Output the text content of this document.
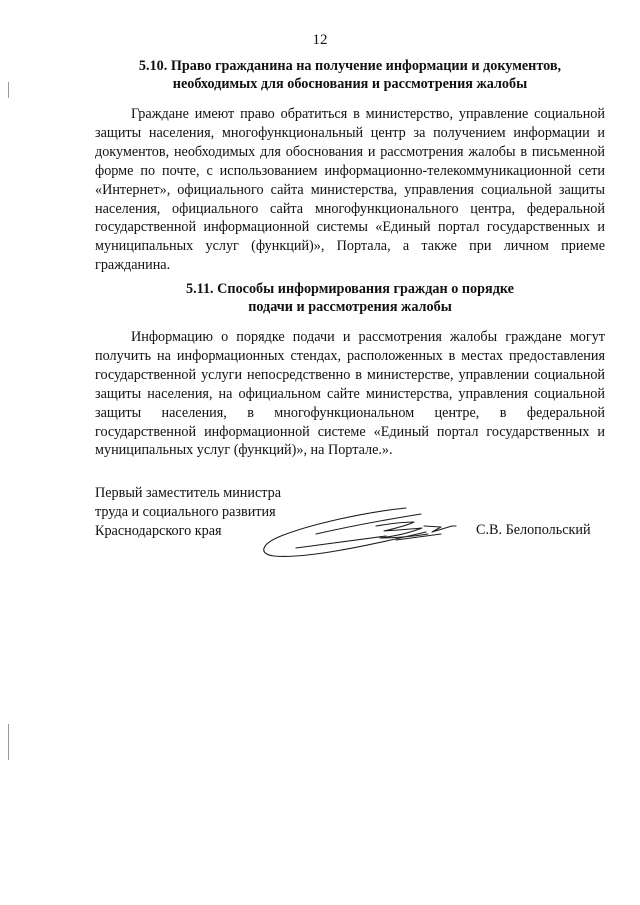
12
5.10. Право гражданина на получение информации и документов,
необходимых для обоснования и рассмотрения жалобы

Граждане имеют право обратиться в министерство, управление социальной защиты населения, многофункциональный центр за получением информации и документов, необходимых для обоснования и рассмотрения жалобы в письменной форме по почте, с использованием информационно-телекоммуникационной сети «Интернет», официального сайта министерства, управления социальной защиты населения, официального сайта многофункционального центра, федеральной государственной информационной системы «Единый портал государственных и муниципальных услуг (функций)», Портала, а также при личном приеме гражданина.

5.11. Способы информирования граждан о порядке
подачи и рассмотрения жалобы

Информацию о порядке подачи и рассмотрения жалобы граждане могут получить на информационных стендах, расположенных в местах предоставления государственной услуги непосредственно в министерстве, управлении социальной защиты населения, на официальном сайте министерства, управления социальной защиты населения, в многофункциональном центре, в федеральной государственной информационной системе «Единый портал государственных и муниципальных услуг (функций)», на Портале.».

Первый заместитель министра
труда и социального развития
Краснодарского края	С.В. Белопольский
